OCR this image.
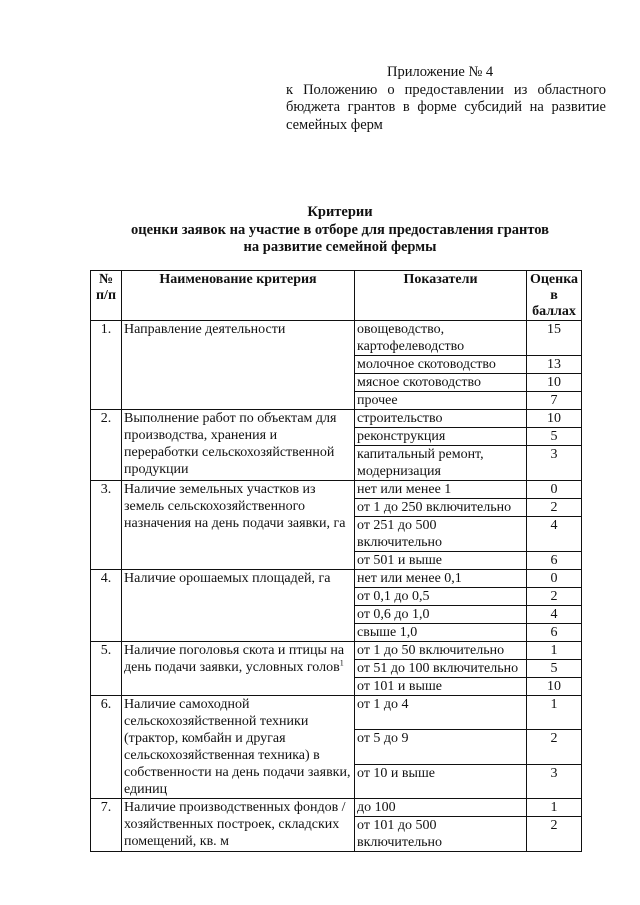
Приложение № 4
к Положению о предоставлении из областного бюджета грантов в форме субсидий на развитие семейных ферм
Критерии
оценки заявок на участие в отборе для предоставления грантов
на развитие семейной фермы
№ п/п	Наименование критерия	Показатели	Оценка в баллах
1.	Направление деятельности	овощеводство, картофелеводство	15
		молочное скотоводство	13
		мясное скотоводство	10
		прочее	7
2.	Выполнение работ по объектам для производства, хранения и переработки сельскохозяйственной продукции	строительство	10
		реконструкция	5
		капитальный ремонт, модернизация	3
3.	Наличие земельных участков из земель сельскохозяйственного назначения на день подачи заявки, га	нет или менее 1	0
		от 1 до 250 включительно	2
		от 251 до 500 включительно	4
		от 501 и выше	6
4.	Наличие орошаемых площадей, га	нет или менее 0,1	0
		от 0,1 до 0,5	2
		от 0,6 до 1,0	4
		свыше 1,0	6
5.	Наличие поголовья скота и птицы на день подачи заявки, условных голов$^1$	от 1 до 50 включительно	1
		от 51 до 100 включительно	5
		от 101 и выше	10
6.	Наличие самоходной сельскохозяйственной техники (трактор, комбайн и другая сельскохозяйственная техника) в собственности на день подачи заявки, единиц	от 1 до 4	1
		от 5 до 9	2
		от 10 и выше	3
7.	Наличие производственных фондов / хозяйственных построек, складских помещений, кв. м	до 100	1
		от 101 до 500 включительно	2
